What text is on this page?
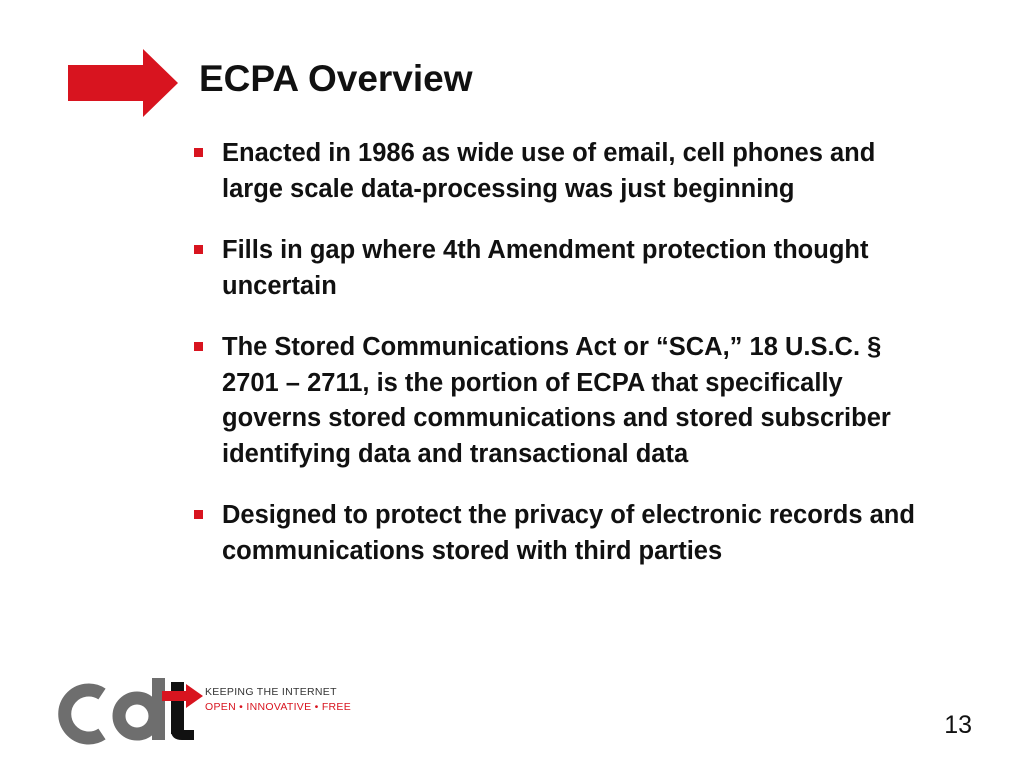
ECPA Overview
Enacted in 1986 as wide use of email, cell phones and large scale data-processing was just beginning
Fills in gap where 4th Amendment protection thought uncertain
The Stored Communications Act or “SCA,” 18 U.S.C. § 2701 – 2711, is the portion of ECPA that specifically governs stored communications and stored subscriber identifying data and transactional data
Designed to protect the privacy of electronic records and communications stored with third parties
KEEPING THE INTERNET
OPEN • INNOVATIVE • FREE
13
